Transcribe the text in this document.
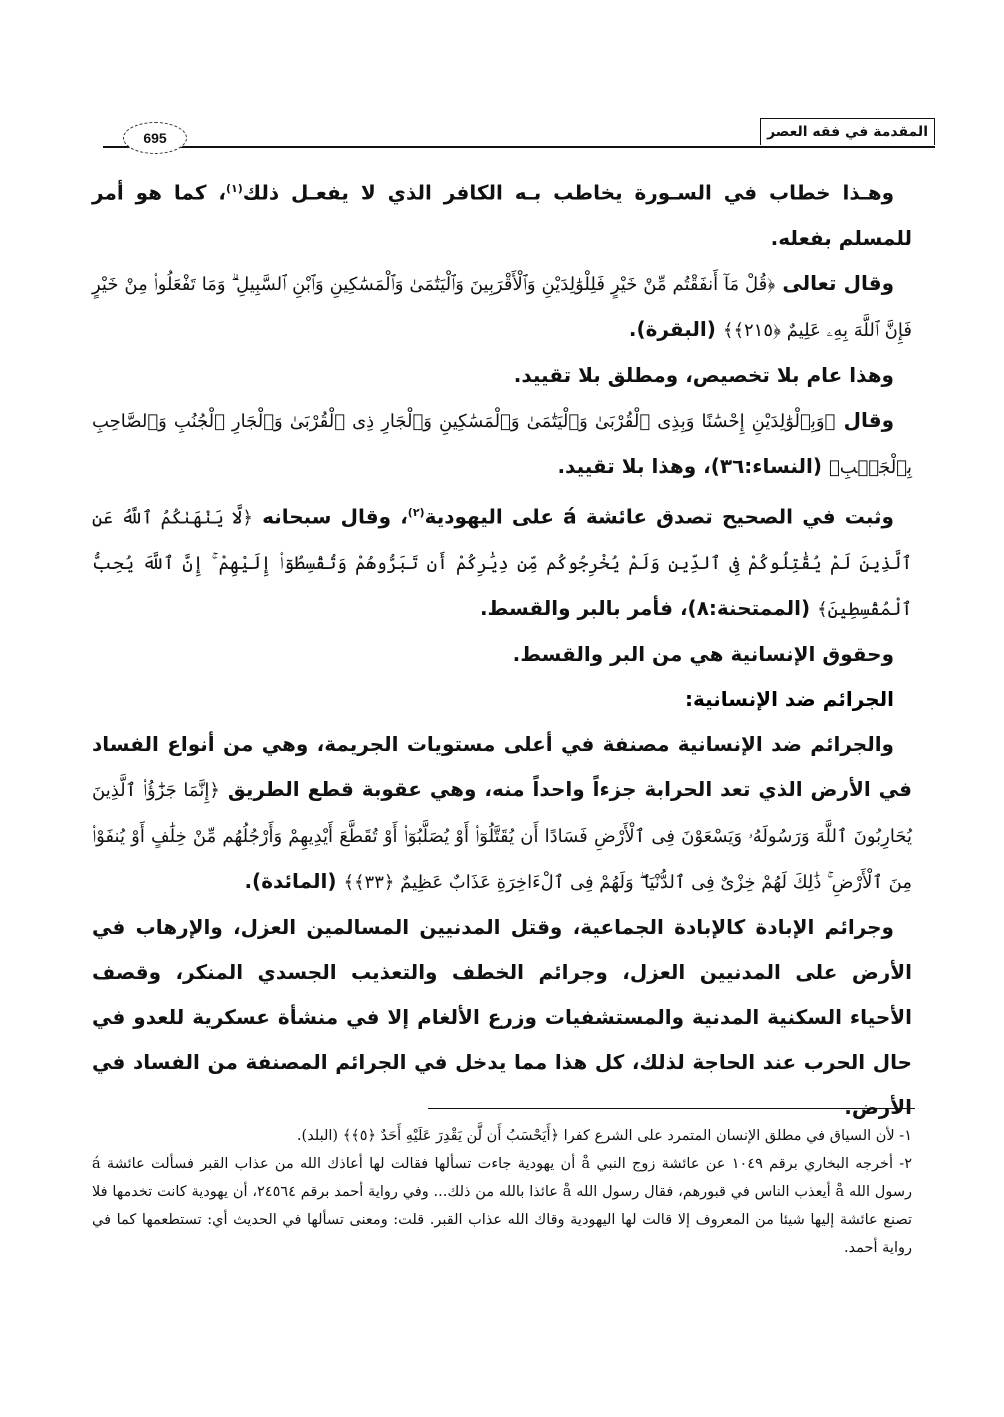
المقدمة في فقه العصر
695

وهـذا خطاب في السـورة يخاطب بـه الكافر الذي لا يفعـل ذلك$^{(١)}$، كما هو أمر للمسلم بفعله.

وقال تعالى ﴿قُلْ مَآ أَنفَقْتُم مِّنْ خَيْرٍ فَلِلْوَٰلِدَيْنِ وَٱلْأَقْرَبِينَ وَٱلْيَتَٰمَىٰ وَٱلْمَسَٰكِينِ وَٱبْنِ ٱلسَّبِيلِ ۗ وَمَا تَفْعَلُوا۟ مِنْ خَيْرٍ فَإِنَّ ٱللَّهَ بِهِۦ عَلِيمٌ ﴿٢١٥﴾﴾ (البقرة).

وهذا عام بلا تخصيص، ومطلق بلا تقييد.

وقال ﴿وَبِٱلْوَٰلِدَيْنِ إِحْسَٰنًا وَبِذِى ٱلْقُرْبَىٰ وَٱلْيَتَٰمَىٰ وَٱلْمَسَٰكِينِ وَٱلْجَارِ ذِى ٱلْقُرْبَىٰ وَٱلْجَارِ ٱلْجُنُبِ وَٱلصَّاحِبِ بِٱلْجَنۢبِ﴾ (النساء:٣٦)، وهذا بلا تقييد.

وثبت في الصحيح تصدق عائشة á على اليهودية$^{(٢)}$، وقال سبحانه ﴿لَّا يَنْهَىٰكُمُ ٱللَّهُ عَنِ ٱلَّذِينَ لَمْ يُقَٰتِلُوكُمْ فِى ٱلدِّينِ وَلَمْ يُخْرِجُوكُم مِّن دِيَٰرِكُمْ أَن تَبَرُّوهُمْ وَتُقْسِطُوٓا۟ إِلَيْهِمْ ۚ إِنَّ ٱللَّهَ يُحِبُّ ٱلْمُقْسِطِينَ﴾ (الممتحنة:٨)، فأمر بالبر والقسط.

وحقوق الإنسانية هي من البر والقسط.

الجرائم ضد الإنسانية:

والجرائم ضد الإنسانية مصنفة في أعلى مستويات الجريمة، وهي من أنواع الفساد في الأرض الذي تعد الحرابة جزءاً واحداً منه، وهي عقوبة قطع الطريق ﴿إِنَّمَا جَزَٰٓؤُا۟ ٱلَّذِينَ يُحَارِبُونَ ٱللَّهَ وَرَسُولَهُۥ وَيَسْعَوْنَ فِى ٱلْأَرْضِ فَسَادًا أَن يُقَتَّلُوٓا۟ أَوْ يُصَلَّبُوٓا۟ أَوْ تُقَطَّعَ أَيْدِيهِمْ وَأَرْجُلُهُم مِّنْ خِلَٰفٍ أَوْ يُنفَوْا۟ مِنَ ٱلْأَرْضِ ۚ ذَٰلِكَ لَهُمْ خِزْىٌ فِى ٱلدُّنْيَا ۖ وَلَهُمْ فِى ٱلْءَاخِرَةِ عَذَابٌ عَظِيمٌ ﴿٣٣﴾﴾ (المائدة).

وجرائم الإبادة كالإبادة الجماعية، وقتل المدنيين المسالمين العزل، والإرهاب في الأرض على المدنيين العزل، وجرائم الخطف والتعذيب الجسدي المنكر، وقصف الأحياء السكنية المدنية والمستشفيات وزرع الألغام إلا في منشأة عسكرية للعدو في حال الحرب عند الحاجة لذلك، كل هذا مما يدخل في الجرائم المصنفة من الفساد في الأرض.

١- لأن السياق في مطلق الإنسان المتمرد على الشرع كفرا ﴿أَيَحْسَبُ أَن لَّن يَقْدِرَ عَلَيْهِ أَحَدٌ ﴿٥﴾﴾ (البلد).

٢- أخرجه البخاري برقم ١٠٤٩ عن عائشة زوج النبي å أن يهودية جاءت تسألها فقالت لها أعاذك الله من عذاب القبر فسألت عائشة á رسول الله å أيعذب الناس في قبورهم، فقال رسول الله å عائذا بالله من ذلك... وفي رواية أحمد برقم ٢٤٥٦٤، أن يهودية كانت تخدمها فلا تصنع عائشة إليها شيئا من المعروف إلا قالت لها اليهودية وقاك الله عذاب القبر. قلت: ومعنى تسألها في الحديث أي: تستطعمها كما في رواية أحمد.
